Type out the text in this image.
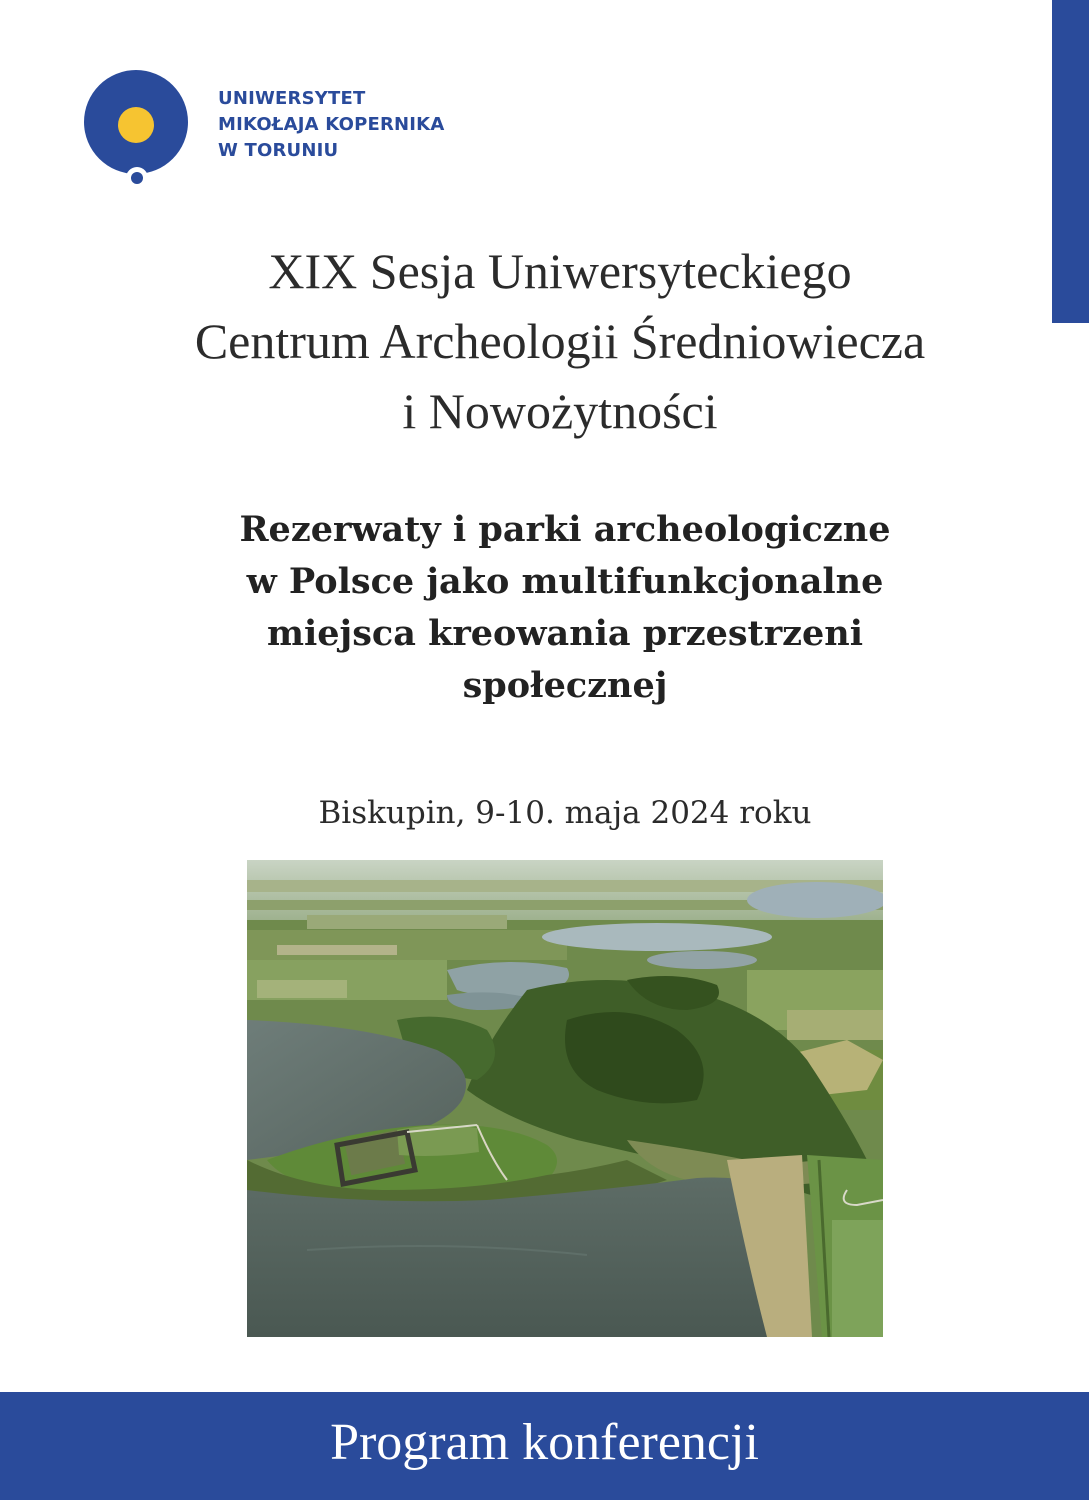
UNIWERSYTET
MIKOŁAJA KOPERNIKA
W TORUNIU
XIX Sesja Uniwersyteckiego
Centrum Archeologii Średniowiecza
i Nowożytności
Rezerwaty i parki archeologiczne
w Polsce jako multifunkcjonalne
miejsca kreowania przestrzeni
społecznej
Biskupin, 9-10. maja 2024 roku
Program konferencji
